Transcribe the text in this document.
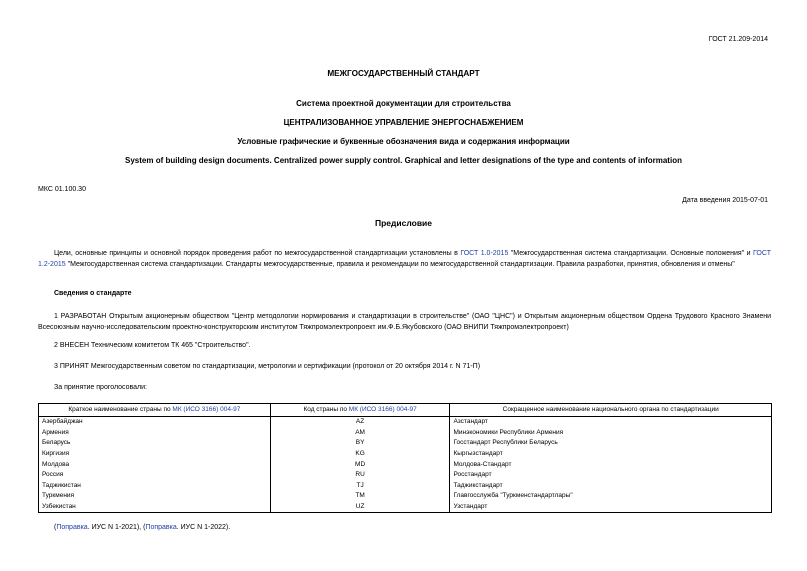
ГОСТ 21.209-2014
МЕЖГОСУДАРСТВЕННЫЙ СТАНДАРТ
Система проектной документации для строительства
ЦЕНТРАЛИЗОВАННОЕ УПРАВЛЕНИЕ ЭНЕРГОСНАБЖЕНИЕМ
Условные графические и буквенные обозначения вида и содержания информации
System of building design documents. Centralized power supply control. Graphical and letter designations of the type and contents of information
МКС 01.100.30
Дата введения 2015-07-01
Предисловие
Цели, основные принципы и основной порядок проведения работ по межгосударственной стандартизации установлены в ГОСТ 1.0-2015 "Межгосударственная система стандартизации. Основные положения" и ГОСТ 1.2-2015 "Межгосударственная система стандартизации. Стандарты межгосударственные, правила и рекомендации по межгосударственной стандартизации. Правила разработки, принятия, обновления и отмены"
Сведения о стандарте
1 РАЗРАБОТАН Открытым акционерным обществом "Центр методологии нормирования и стандартизации в строительстве" (ОАО "ЦНС") и Открытым акционерным обществом Ордена Трудового Красного Знамени Всесоюзным научно-исследовательским проектно-конструкторским институтом Тяжпромэлектропроект им.Ф.Б.Якубовского (ОАО ВНИПИ Тяжпромэлектропроект)
2 ВНЕСЕН Техническим комитетом ТК 465 "Строительство".
3 ПРИНЯТ Межгосударственным советом по стандартизации, метрологии и сертификации (протокол от 20 октября 2014 г. N 71-П)
За принятие проголосовали:
Краткое наименование страны по МК (ИСО 3166) 004-97	Код страны по МК (ИСО 3166) 004-97	Сокращенное наименование национального органа по стандартизации
Азербайджан	AZ	Азстандарт
Армения	AM	Минэкономики Республики Армения
Беларусь	BY	Госстандарт Республики Беларусь
Киргизия	KG	Кыргызстандарт
Молдова	MD	Молдова-Стандарт
Россия	RU	Росстандарт
Таджикистан	TJ	Таджикстандарт
Туркмения	TM	Главгосслужба "Туркменстандартлары"
Узбекистан	UZ	Узстандарт
(Поправка. ИУС N 1-2021), (Поправка. ИУС N 1-2022).
